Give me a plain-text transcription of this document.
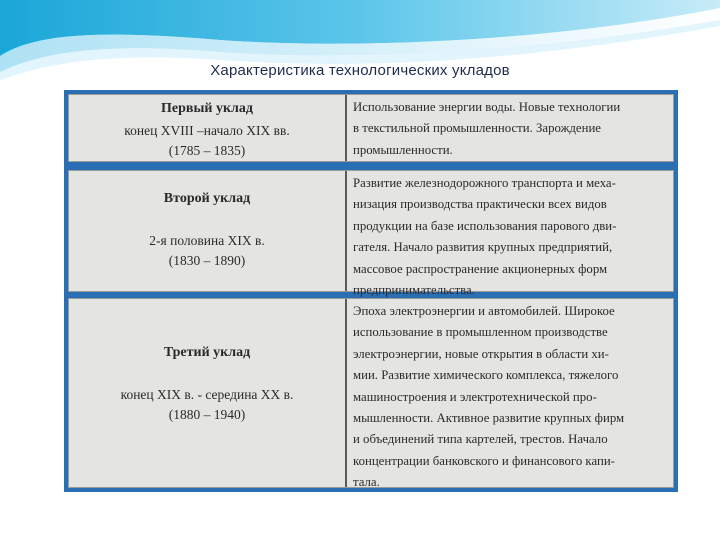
Характеристика технологических укладов
Первый уклад
конец XVIII –начало XIX вв.
(1785 – 1835)
Использование энергии воды. Новые технологии
в текстильной промышленности. Зарождение
промышленности.
Второй уклад
2-я половина XIX в.
(1830 – 1890)
Развитие железнодорожного транспорта и меха-
низация производства практически всех видов
продукции на базе использования парового дви-
гателя. Начало развития крупных предприятий,
массовое распространение акционерных форм
предпринимательства.
Третий уклад
конец XIX в. - середина XX в.
(1880 – 1940)
Эпоха электроэнергии и автомобилей. Широкое
использование в промышленном производстве
электроэнергии, новые открытия в области хи-
мии. Развитие химического комплекса, тяжелого
машиностроения и электротехнической про-
мышленности. Активное развитие крупных фирм
и объединений типа картелей, трестов. Начало
концентрации банковского и финансового капи-
тала.
